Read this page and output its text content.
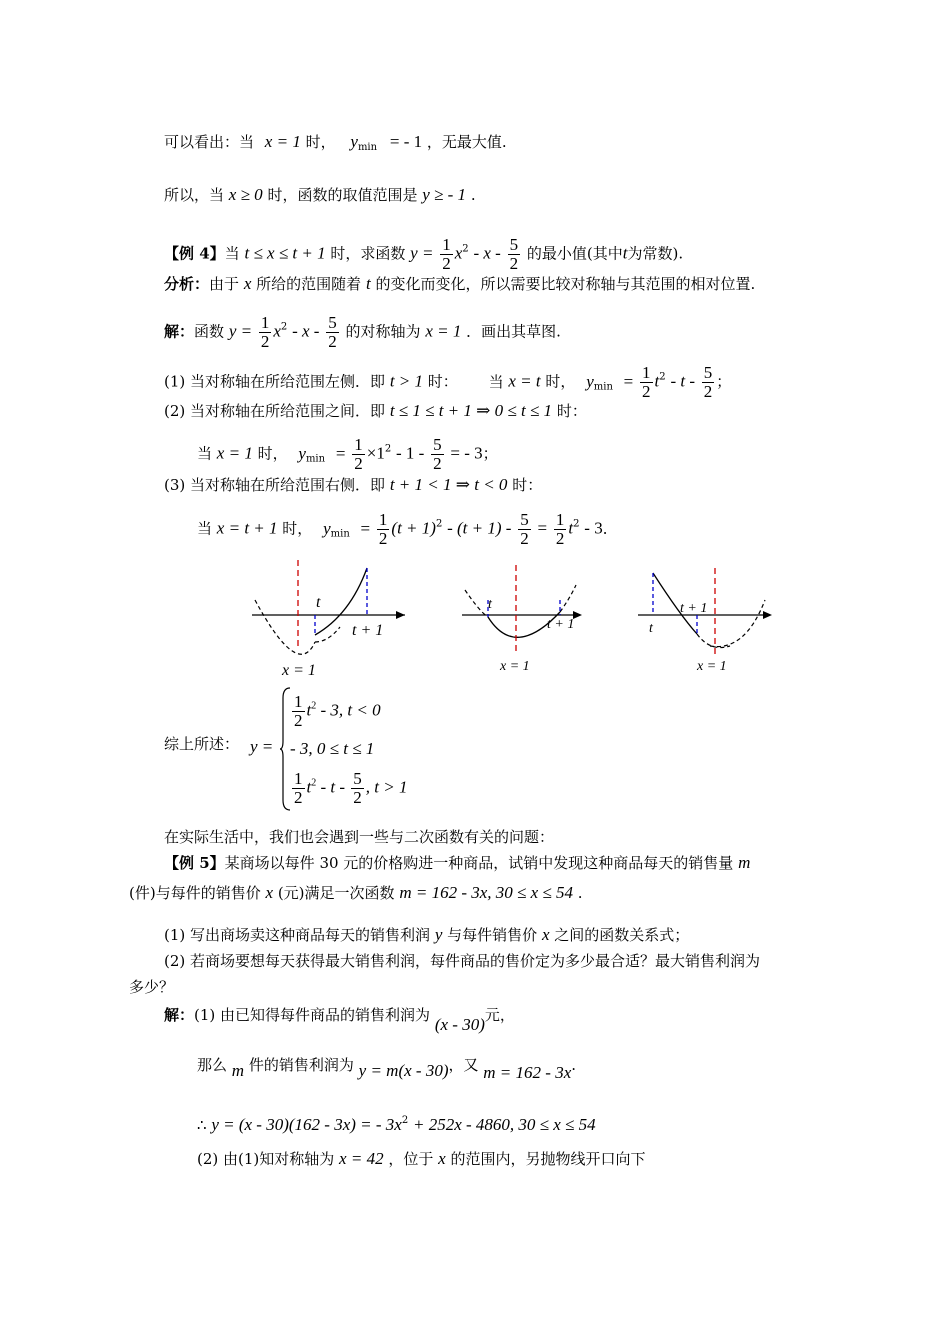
可以看出：当 x = 1 时， $y_{min}$ = - 1 ，无最大值.
所以，当 x ≥ 0 时，函数的取值范围是 y ≥ - 1 .
【例 4】当 t ≤ x ≤ t + 1 时，求函数 $y = \frac{1}{2} x^2 - x - \frac{5}{2}$ 的最小值(其中t为常数).
分析：由于 x 所给的范围随着 t 的变化而变化，所以需要比较对称轴与其范围的相对位置.
解：函数 $y = \frac{1}{2} x^2 - x - \frac{5}{2}$ 的对称轴为 x = 1 ．画出其草图.
(1) 当对称轴在所给范围左侧．即 t > 1 时： 当 x = t 时， $y_{min} = \frac{1}{2} t^2 - t - \frac{5}{2}$ ；
(2) 当对称轴在所给范围之间．即 t ≤ 1 ≤ t + 1 ⇒ 0 ≤ t ≤ 1 时：
当 x = 1 时， $y_{min} = \frac{1}{2} \times 1^2 - 1 - \frac{5}{2}$ = - 3；
(3) 当对称轴在所给范围右侧．即 t + 1 < 1 ⇒ t < 0 时：
当 x = t + 1 时， $y_{min} = \frac{1}{2} (t + 1)^2 - (t + 1) - \frac{5}{2} = \frac{1}{2} t^2 - 3$．
t
t + 1
x = 1
t
t + 1
x = 1
t
t + 1
x = 1
综上所述： y =
$\frac{1}{2} t^2 - 3$, t < 0
- 3, 0 ≤ t ≤ 1
$\frac{1}{2} t^2$ - t - $\frac{5}{2}$ , t > 1
在实际生活中，我们也会遇到一些与二次函数有关的问题：
【例 5】某商场以每件 30 元的价格购进一种商品，试销中发现这种商品每天的销售量 m
(件)与每件的销售价 x (元)满足一次函数 m = 162 - 3x, 30 ≤ x ≤ 54 .
(1) 写出商场卖这种商品每天的销售利润 y 与每件销售价 x 之间的函数关系式；
(2) 若商场要想每天获得最大销售利润，每件商品的售价定为多少最合适？最大销售利润为
多少？
解：(1) 由已知得每件商品的销售利润为 (x - 30)元，
那么 m 件的销售利润为 y = m(x - 30)，又 m = 162 - 3x.
∴ y = (x - 30)(162 - 3x) = - $3x^2 + 252x - 4860$, 30 ≤ x ≤ 54
(2) 由(1)知对称轴为 x = 42 ，位于 x 的范围内，另抛物线开口向下
